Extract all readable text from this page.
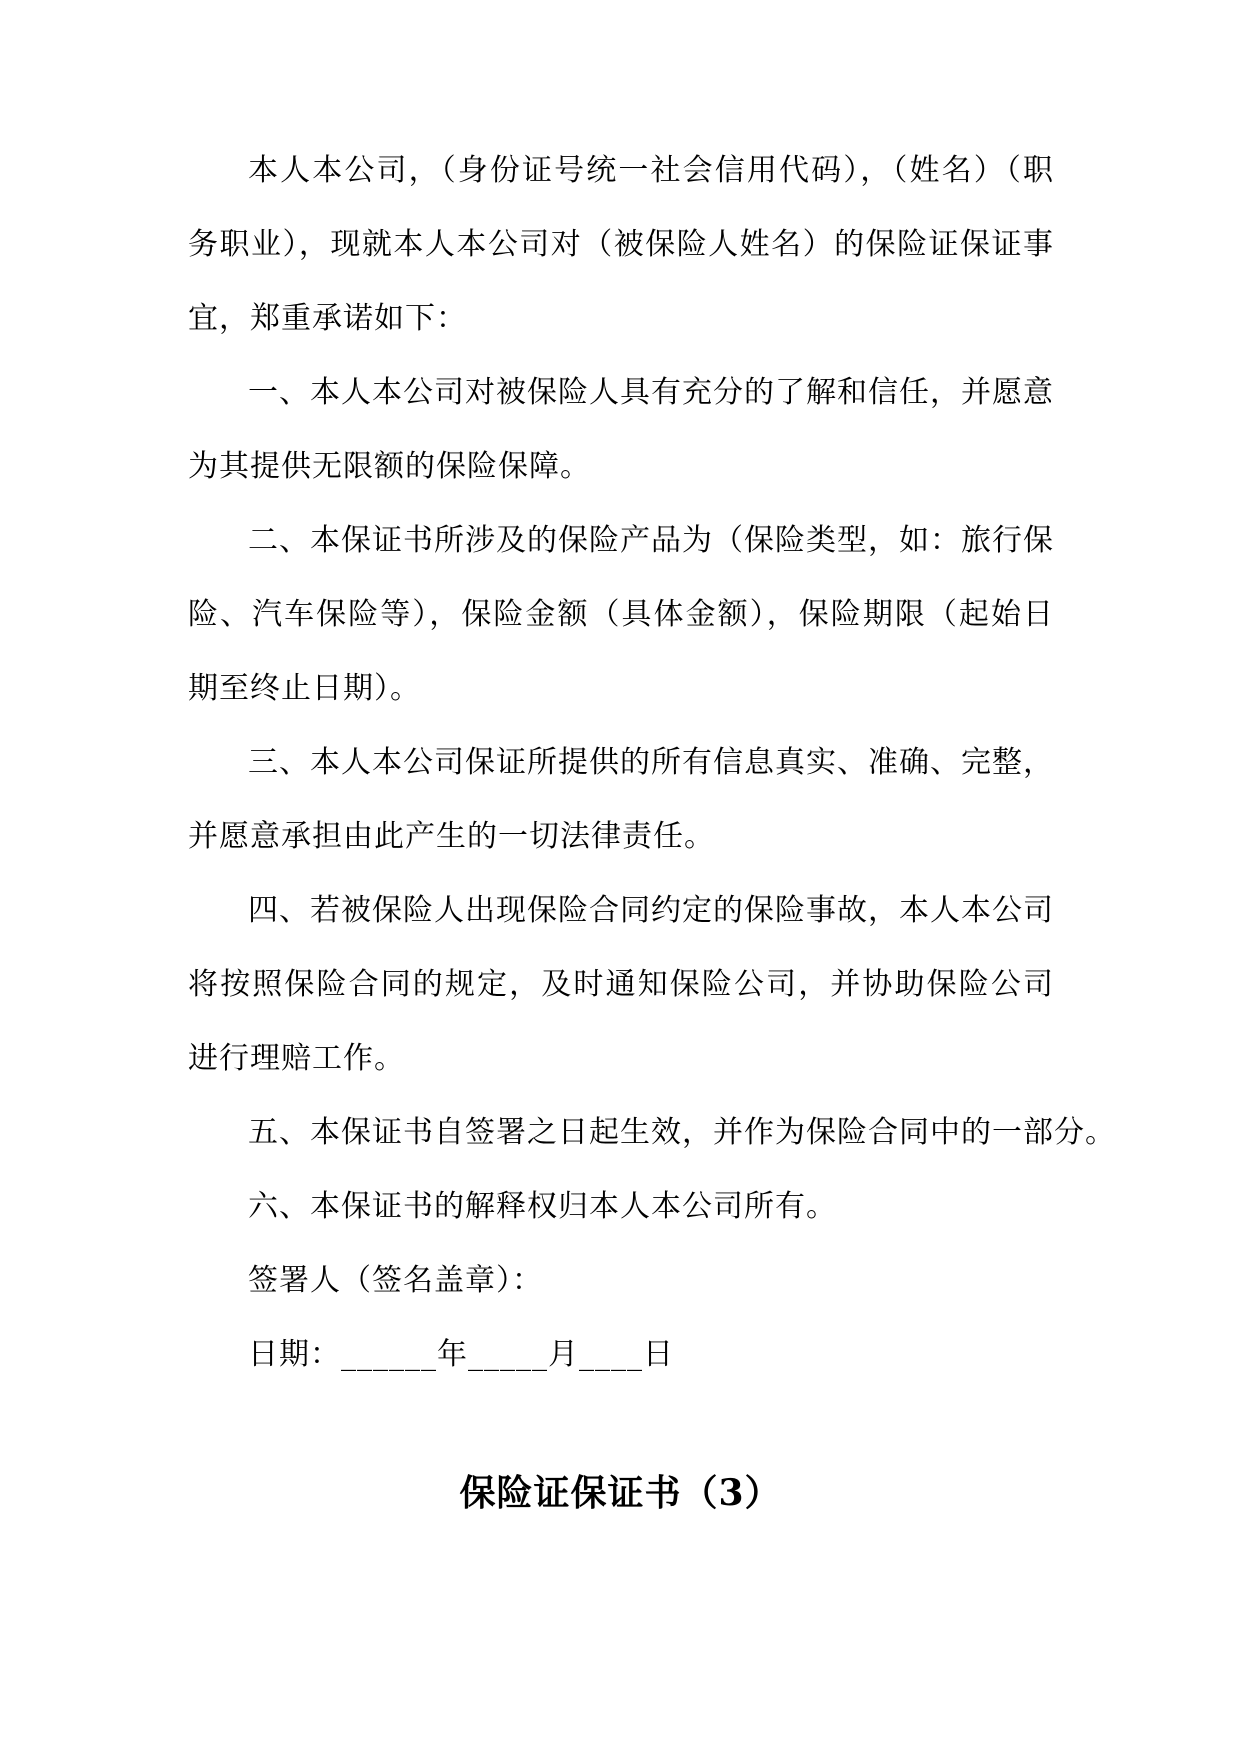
本人本公司，（身份证号统一社会信用代码），（姓名）（职务职业），现就本人本公司对（被保险人姓名）的保险证保证事宜，郑重承诺如下：

一、本人本公司对被保险人具有充分的了解和信任，并愿意为其提供无限额的保险保障。

二、本保证书所涉及的保险产品为（保险类型，如：旅行保险、汽车保险等），保险金额（具体金额），保险期限（起始日期至终止日期）。

三、本人本公司保证所提供的所有信息真实、准确、完整，并愿意承担由此产生的一切法律责任。

四、若被保险人出现保险合同约定的保险事故，本人本公司将按照保险合同的规定，及时通知保险公司，并协助保险公司进行理赔工作。

五、本保证书自签署之日起生效，并作为保险合同中的一部分。

六、本保证书的解释权归本人本公司所有。

签署人（签名盖章）：

日期：______年_____月____日

保险证保证书（3）
